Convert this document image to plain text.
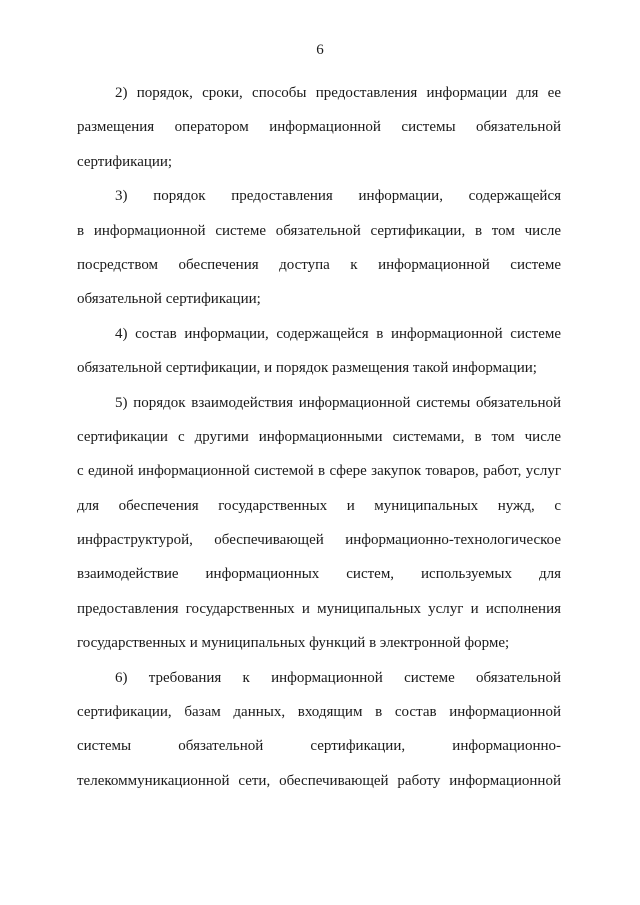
6
2) порядок, сроки, способы предоставления информации для ее
размещения оператором информационной системы обязательной
сертификации;
3) порядок предоставления информации, содержащейся
в информационной системе обязательной сертификации, в том числе
посредством обеспечения доступа к информационной системе
обязательной сертификации;
4) состав информации, содержащейся в информационной системе
обязательной сертификации, и порядок размещения такой информации;
5) порядок взаимодействия информационной системы обязательной
сертификации с другими информационными системами, в том числе
с единой информационной системой в сфере закупок товаров, работ, услуг
для обеспечения государственных и муниципальных нужд, с
инфраструктурой, обеспечивающей информационно-технологическое
взаимодействие информационных систем, используемых для
предоставления государственных и муниципальных услуг и исполнения
государственных и муниципальных функций в электронной форме;
6) требования к информационной системе обязательной
сертификации, базам данных, входящим в состав информационной
системы обязательной сертификации, информационно-
телекоммуникационной сети, обеспечивающей работу информационной
